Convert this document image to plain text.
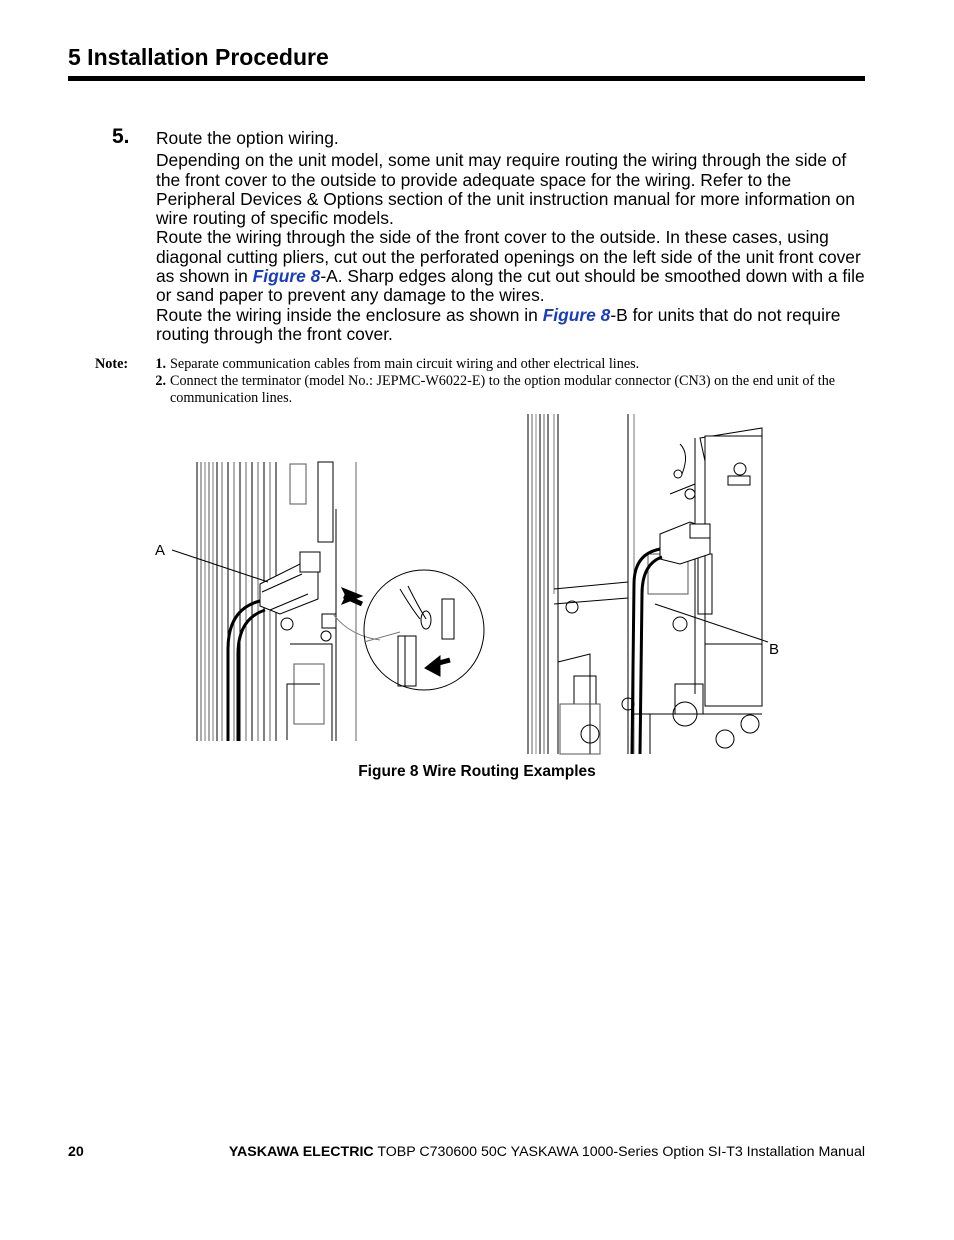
5 Installation Procedure
5. Route the option wiring.

Depending on the unit model, some unit may require routing the wiring through the side of the front cover to the outside to provide adequate space for the wiring. Refer to the Peripheral Devices & Options section of the unit instruction manual for more information on wire routing of specific models.

Route the wiring through the side of the front cover to the outside. In these cases, using diagonal cutting pliers, cut out the perforated openings on the left side of the unit front cover as shown in Figure 8-A. Sharp edges along the cut out should be smoothed down with a file or sand paper to prevent any damage to the wires.

Route the wiring inside the enclosure as shown in Figure 8-B for units that do not require routing through the front cover.

Note:	1. Separate communication cables from main circuit wiring and other electrical lines.
2. Connect the terminator (model No.: JEPMC-W6022-E) to the option modular connector (CN3) on the end unit of the communication lines.
A
B
Figure 8 Wire Routing Examples
20	YASKAWA ELECTRIC TOBP C730600 50C YASKAWA 1000-Series Option SI-T3 Installation Manual
